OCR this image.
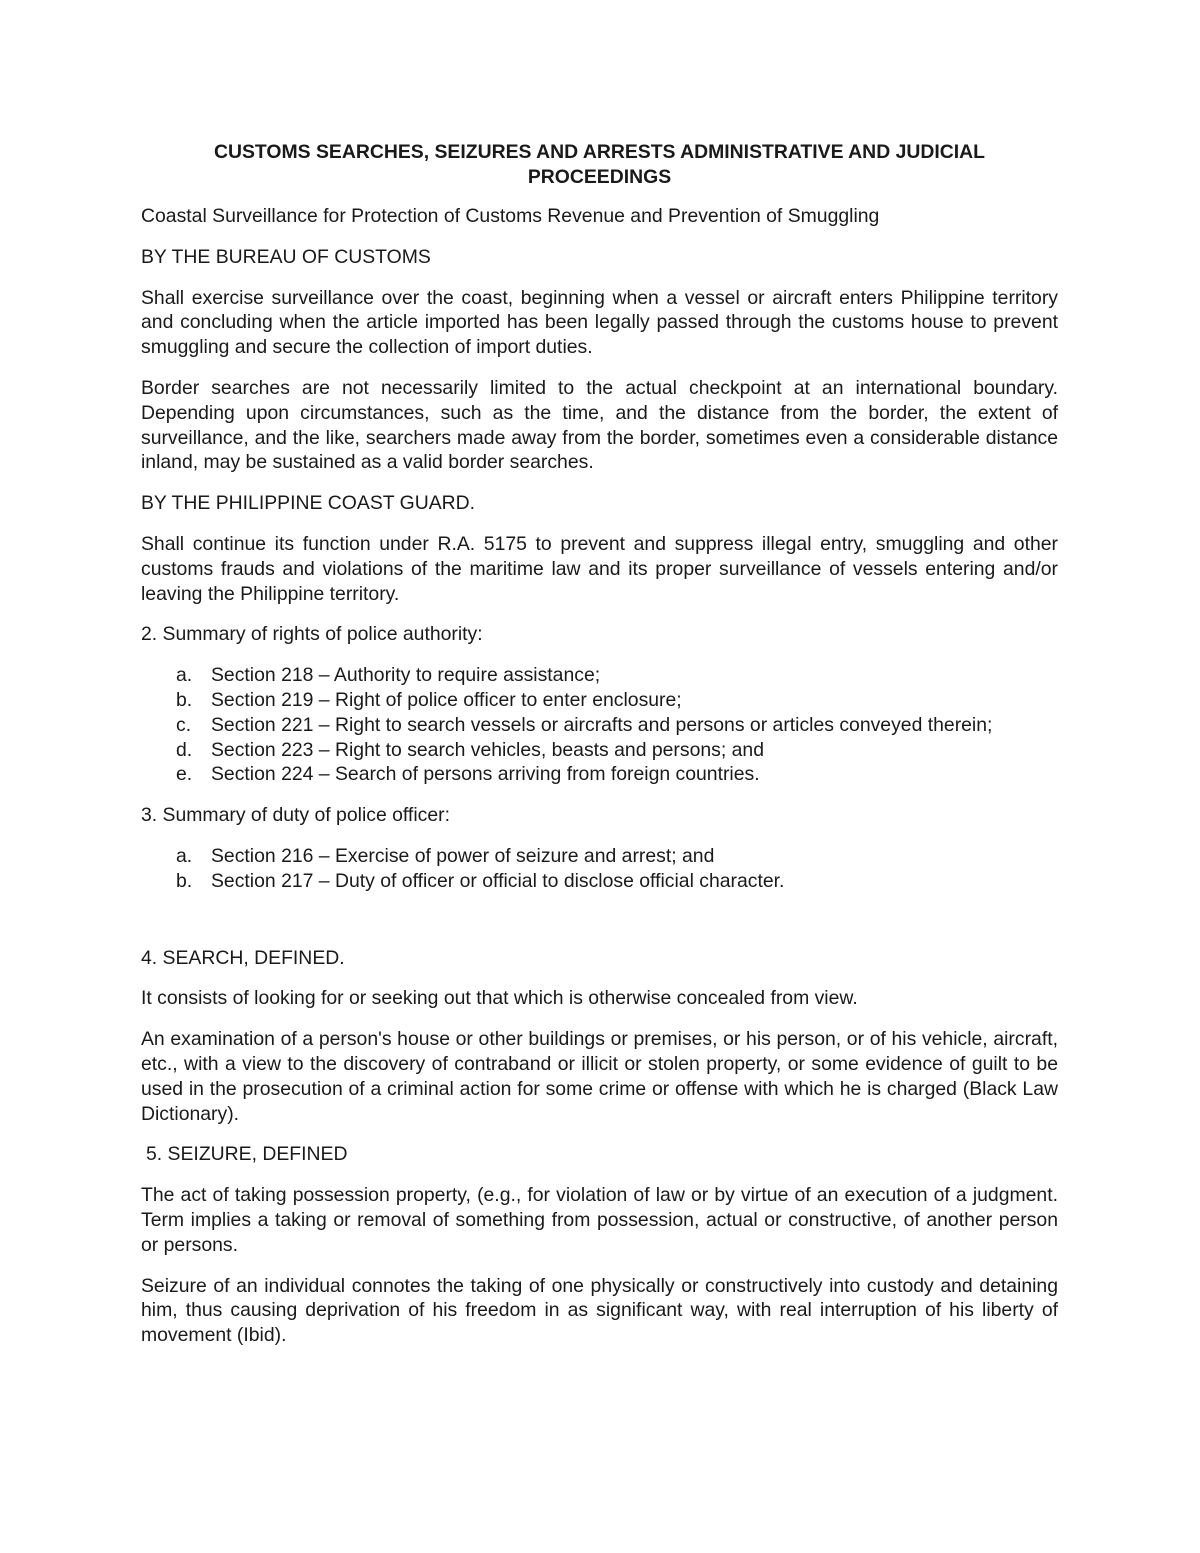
CUSTOMS SEARCHES, SEIZURES AND ARRESTS ADMINISTRATIVE AND JUDICIAL PROCEEDINGS

Coastal Surveillance for Protection of Customs Revenue and Prevention of Smuggling

BY THE BUREAU OF CUSTOMS

Shall exercise surveillance over the coast, beginning when a vessel or aircraft enters Philippine territory and concluding when the article imported has been legally passed through the customs house to prevent smuggling and secure the collection of import duties.

Border searches are not necessarily limited to the actual checkpoint at an international boundary. Depending upon circumstances, such as the time, and the distance from the border, the extent of surveillance, and the like, searchers made away from the border, sometimes even a considerable distance inland, may be sustained as a valid border searches.

BY THE PHILIPPINE COAST GUARD.

Shall continue its function under R.A. 5175 to prevent and suppress illegal entry, smuggling and other customs frauds and violations of the maritime law and its proper surveillance of vessels entering and/or leaving the Philippine territory.

2. Summary of rights of police authority:

a. Section 218 – Authority to require assistance;
b. Section 219 – Right of police officer to enter enclosure;
c. Section 221 – Right to search vessels or aircrafts and persons or articles conveyed therein;
d. Section 223 – Right to search vehicles, beasts and persons; and
e. Section 224 – Search of persons arriving from foreign countries.

3. Summary of duty of police officer:

a. Section 216 – Exercise of power of seizure and arrest; and
b. Section 217 – Duty of officer or official to disclose official character.

4. SEARCH, DEFINED.

It consists of looking for or seeking out that which is otherwise concealed from view.

An examination of a person's house or other buildings or premises, or his person, or of his vehicle, aircraft, etc., with a view to the discovery of contraband or illicit or stolen property, or some evidence of guilt to be used in the prosecution of a criminal action for some crime or offense with which he is charged (Black Law Dictionary).

5. SEIZURE, DEFINED

The act of taking possession property, (e.g., for violation of law or by virtue of an execution of a judgment. Term implies a taking or removal of something from possession, actual or constructive, of another person or persons.

Seizure of an individual connotes the taking of one physically or constructively into custody and detaining him, thus causing deprivation of his freedom in as significant way, with real interruption of his liberty of movement (Ibid).
